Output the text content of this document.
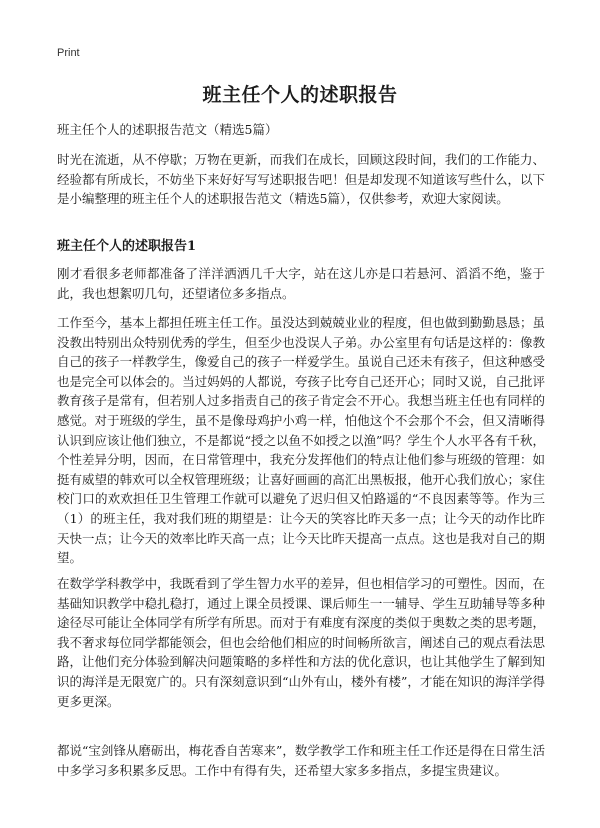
Print
班主任个人的述职报告

班主任个人的述职报告范文（精选5篇）

时光在流逝，从不停歇；万物在更新，而我们在成长，回顾这段时间，我们的工作能力、经验都有所成长，不妨坐下来好好写写述职报告吧！但是却发现不知道该写些什么，以下是小编整理的班主任个人的述职报告范文（精选5篇），仅供参考，欢迎大家阅读。

班主任个人的述职报告1

刚才看很多老师都准备了洋洋洒洒几千大字，站在这儿亦是口若悬河、滔滔不绝，鉴于此，我也想絮叨几句，还望诸位多多指点。

工作至今，基本上都担任班主任工作。虽没达到兢兢业业的程度，但也做到勤勤恳恳；虽没教出特别出众特别优秀的学生，但至少也没误人子弟。办公室里有句话是这样的：像教自己的孩子一样教学生，像爱自己的孩子一样爱学生。虽说自己还未有孩子，但这种感受也是完全可以体会的。当过妈妈的人都说，夸孩子比夸自己还开心；同时又说，自己批评教育孩子是常有，但若别人过多指责自己的孩子肯定会不开心。我想当班主任也有同样的感觉。对于班级的学生，虽不是像母鸡护小鸡一样，怕他这个不会那个不会，但又清晰得认识到应该让他们独立，不是都说“授之以鱼不如授之以渔”吗？学生个人水平各有千秋，个性差异分明，因而，在日常管理中，我充分发挥他们的特点让他们参与班级的管理：如挺有威望的韩欢可以全权管理班级；让喜好画画的高汇出黑板报，他开心我们放心；家住校门口的欢欢担任卫生管理工作就可以避免了迟归但又怕路遥的“不良因素等等。作为三（1）的班主任，我对我们班的期望是：让今天的笑容比昨天多一点；让今天的动作比昨天快一点；让今天的效率比昨天高一点；让今天比昨天提高一点点。这也是我对自己的期望。

在数学学科教学中，我既看到了学生智力水平的差异，但也相信学习的可塑性。因而，在基础知识教学中稳扎稳打，通过上课全员授课、课后师生一一辅导、学生互助辅导等多种途径尽可能让全体同学有所学有所思。而对于有难度有深度的类似于奥数之类的思考题，我不奢求每位同学都能领会，但也会给他们相应的时间畅所欲言，阐述自己的观点看法思路，让他们充分体验到解决问题策略的多样性和方法的优化意识，也让其他学生了解到知识的海洋是无限宽广的。只有深刻意识到“山外有山，楼外有楼”，才能在知识的海洋学得更多更深。

都说“宝剑锋从磨砺出，梅花香自苦寒来”，数学教学工作和班主任工作还是得在日常生活中多学习多积累多反思。工作中有得有失，还希望大家多多指点，多提宝贵建议。
